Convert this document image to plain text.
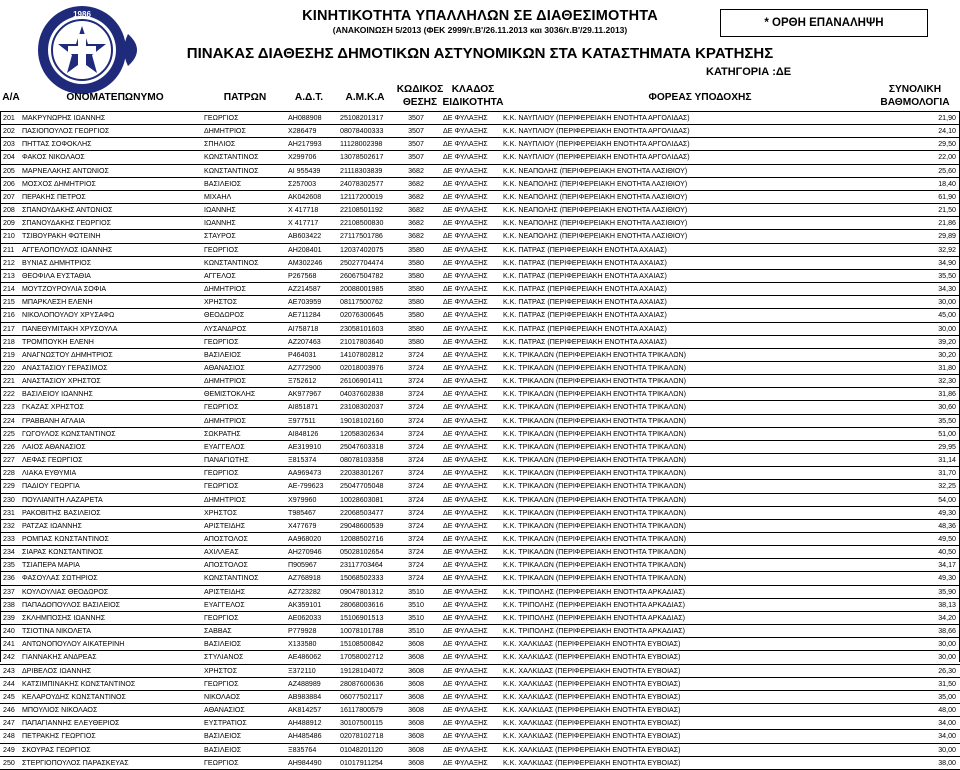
1986	ΚΙΝΗΤΙΚΟΤΗΤΑ ΥΠΑΛΛΗΛΩΝ ΣΕ ΔΙΑΘΕΣΙΜΟΤΗΤΑ
(ΑΝΑΚΟΙΝΩΣΗ 5/2013 (ΦΕΚ 2999/τ.Β'/26.11.2013 και 3036/τ.Β'/29.11.2013)
* ΟΡΘΗ ΕΠΑΝΑΛΗΨΗ
ΠΙΝΑΚΑΣ ΔΙΑΘΕΣΗΣ ΔΗΜΟΤΙΚΩΝ ΑΣΤΥΝΟΜΙΚΩΝ ΣΤΑ ΚΑΤΑΣΤΗΜΑΤΑ ΚΡΑΤΗΣΗΣ
ΚΑΤΗΓΟΡΙΑ :ΔΕ
Α/Α	ΟΝΟΜΑΤΕΠΩΝΥΜΟ	ΠΑΤΡΩΝ	Α.Δ.Τ.	Α.Μ.Κ.Α
ΚΩΔΙΚΟΣ
ΘΕΣΗΣ
ΚΛΑΔΟΣ
ΕΙΔΙΚΟΤΗΤΑ	ΦΟΡΕΑΣ ΥΠΟΔΟΧΗΣ
ΣΥΝΟΛΙΚΗ
ΒΑΘΜΟΛΟΓΙΑ
201	ΜΑΚΡΥΝΩΡΗΣ ΙΩΑΝΝΗΣ	ΓΕΩΡΓΙΟΣ	ΑΗ088908	25108201317	3507	ΔΕ ΦΥΛΑΞΗΣ	Κ.Κ. ΝΑΥΠΛΙΟΥ (ΠΕΡΙΦΕΡΕΙΑΚΗ ΕΝΟΤΗΤΑ ΑΡΓΟΛΙΔΑΣ)	21,90
202	ΠΑΣΙΟΠΟΥΛΟΣ ΓΕΩΡΓΙΟΣ	ΔΗΜΗΤΡΙΟΣ	Χ286479	08078400333	3507	ΔΕ ΦΥΛΑΞΗΣ	Κ.Κ. ΝΑΥΠΛΙΟΥ (ΠΕΡΙΦΕΡΕΙΑΚΗ ΕΝΟΤΗΤΑ ΑΡΓΟΛΙΔΑΣ)	24,10
203	ΠΗΤΤΑΣ ΣΟΦΟΚΛΗΣ	ΣΠΗΛΙΟΣ	ΑΗ217993	11128002398	3507	ΔΕ ΦΥΛΑΞΗΣ	Κ.Κ. ΝΑΥΠΛΙΟΥ (ΠΕΡΙΦΕΡΕΙΑΚΗ ΕΝΟΤΗΤΑ ΑΡΓΟΛΙΔΑΣ)	29,50
204	ΦΑΚΟΣ ΝΙΚΟΛΑΟΣ	ΚΩΝΣΤΑΝΤΙΝΟΣ	Χ299706	13078502617	3507	ΔΕ ΦΥΛΑΞΗΣ	Κ.Κ. ΝΑΥΠΛΙΟΥ (ΠΕΡΙΦΕΡΕΙΑΚΗ ΕΝΟΤΗΤΑ ΑΡΓΟΛΙΔΑΣ)	22,00
205	ΜΑΡΝΕΛΑΚΗΣ ΑΝΤΩΝΙΟΣ	ΚΩΝΣΤΑΝΤΙΝΟΣ	ΑΙ 955439	21118303839	3682	ΔΕ ΦΥΛΑΞΗΣ	Κ.Κ. ΝΕΑΠΟΛΗΣ (ΠΕΡΙΦΕΡΕΙΑΚΗ ΕΝΟΤΗΤΑ ΛΑΣΙΘΙΟΥ)	25,60
206	ΜΟΣΧΟΣ ΔΗΜΗΤΡΙΟΣ	ΒΑΣΙΛΕΙΟΣ	Σ257003	24078302577	3682	ΔΕ ΦΥΛΑΞΗΣ	Κ.Κ. ΝΕΑΠΟΛΗΣ (ΠΕΡΙΦΕΡΕΙΑΚΗ ΕΝΟΤΗΤΑ ΛΑΣΙΘΙΟΥ)	18,40
207	ΠΕΡΑΚΗΣ ΠΕΤΡΟΣ	ΜΙΧΑΗΛ	ΑΚ042608	12117200019	3682	ΔΕ ΦΥΛΑΞΗΣ	Κ.Κ. ΝΕΑΠΟΛΗΣ (ΠΕΡΙΦΕΡΕΙΑΚΗ ΕΝΟΤΗΤΑ ΛΑΣΙΘΙΟΥ)	61,90
208	ΣΠΑΝΟΥΔΑΚΗΣ ΑΝΤΩΝΙΟΣ	ΙΩΑΝΝΗΣ	Χ 417718	22108501192	3682	ΔΕ ΦΥΛΑΞΗΣ	Κ.Κ. ΝΕΑΠΟΛΗΣ (ΠΕΡΙΦΕΡΕΙΑΚΗ ΕΝΟΤΗΤΑ ΛΑΣΙΘΙΟΥ)	21,50
209	ΣΠΑΝΟΥΔΑΚΗΣ ΓΕΩΡΓΙΟΣ	ΙΩΑΝΝΗΣ	Χ 417717	22108500830	3682	ΔΕ ΦΥΛΑΞΗΣ	Κ.Κ. ΝΕΑΠΟΛΗΣ (ΠΕΡΙΦΕΡΕΙΑΚΗ ΕΝΟΤΗΤΑ ΛΑΣΙΘΙΟΥ)	21,86
210	ΤΣΙΒΟΥΡΑΚΗ ΦΩΤΕΙΝΗ	ΣΤΑΥΡΟΣ	ΑΒ603422	27117501786	3682	ΔΕ ΦΥΛΑΞΗΣ	Κ.Κ. ΝΕΑΠΟΛΗΣ (ΠΕΡΙΦΕΡΕΙΑΚΗ ΕΝΟΤΗΤΑ ΛΑΣΙΘΙΟΥ)	29,89
211	ΑΓΓΕΛΟΠΟΥΛΟΣ ΙΩΑΝΝΗΣ	ΓΕΩΡΓΙΟΣ	ΑΗ208401	12037402075	3580	ΔΕ ΦΥΛΑΞΗΣ	Κ.Κ. ΠΑΤΡΑΣ (ΠΕΡΙΦΕΡΕΙΑΚΗ ΕΝΟΤΗΤΑ ΑΧΑΙΑΣ)	32,92
212	ΒΥΝΙΑΣ ΔΗΜΗΤΡΙΟΣ	ΚΩΝΣΤΑΝΤΙΝΟΣ	ΑΜ302246	25027704474	3580	ΔΕ ΦΥΛΑΞΗΣ	Κ.Κ. ΠΑΤΡΑΣ (ΠΕΡΙΦΕΡΕΙΑΚΗ ΕΝΟΤΗΤΑ ΑΧΑΙΑΣ)	34,90
213	ΘΕΟΦΙΛΑ ΕΥΣΤΑΘΙΑ	ΑΓΓΕΛΟΣ	Ρ267568	26067504782	3580	ΔΕ ΦΥΛΑΞΗΣ	Κ.Κ. ΠΑΤΡΑΣ (ΠΕΡΙΦΕΡΕΙΑΚΗ ΕΝΟΤΗΤΑ ΑΧΑΙΑΣ)	35,50
214	ΜΟΥΤΖΟΥΡΟΥΛΙΑ ΣΟΦΙΑ	ΔΗΜΗΤΡΙΟΣ	ΑΖ214587	20088001985	3580	ΔΕ ΦΥΛΑΞΗΣ	Κ.Κ. ΠΑΤΡΑΣ (ΠΕΡΙΦΕΡΕΙΑΚΗ ΕΝΟΤΗΤΑ ΑΧΑΙΑΣ)	34,30
215	ΜΠΑΡΚΛΕΣΗ ΕΛΕΝΗ	ΧΡΗΣΤΟΣ	ΑΕ703959	08117500762	3580	ΔΕ ΦΥΛΑΞΗΣ	Κ.Κ. ΠΑΤΡΑΣ (ΠΕΡΙΦΕΡΕΙΑΚΗ ΕΝΟΤΗΤΑ ΑΧΑΙΑΣ)	30,00
216	ΝΙΚΟΛΟΠΟΥΛΟΥ ΧΡΥΣΑΦΩ	ΘΕΟΔΩΡΟΣ	ΑΕ711284	02076300645	3580	ΔΕ ΦΥΛΑΞΗΣ	Κ.Κ. ΠΑΤΡΑΣ (ΠΕΡΙΦΕΡΕΙΑΚΗ ΕΝΟΤΗΤΑ ΑΧΑΙΑΣ)	45,00
217	ΠΑΝΕΘΥΜΙΤΑΚΗ ΧΡΥΣΟΥΛΑ	ΛΥΣΑΝΔΡΟΣ	ΑΙ758718	23058101603	3580	ΔΕ ΦΥΛΑΞΗΣ	Κ.Κ. ΠΑΤΡΑΣ (ΠΕΡΙΦΕΡΕΙΑΚΗ ΕΝΟΤΗΤΑ ΑΧΑΙΑΣ)	30,00
218	ΤΡΟΜΠΟΥΚΗ ΕΛΕΝΗ	ΓΕΩΡΓΙΟΣ	ΑΖ207463	21017803640	3580	ΔΕ ΦΥΛΑΞΗΣ	Κ.Κ. ΠΑΤΡΑΣ (ΠΕΡΙΦΕΡΕΙΑΚΗ ΕΝΟΤΗΤΑ ΑΧΑΙΑΣ)	39,20
219	ΑΝΑΓΝΩΣΤΟΥ ΔΗΜΗΤΡΙΟΣ	ΒΑΣΙΛΕΙΟΣ	Ρ464031	14107802812	3724	ΔΕ ΦΥΛΑΞΗΣ	Κ.Κ. ΤΡΙΚΑΛΩΝ (ΠΕΡΙΦΕΡΕΙΑΚΗ ΕΝΟΤΗΤΑ ΤΡΙΚΑΛΩΝ)	30,20
220	ΑΝΑΣΤΑΣΙΟΥ ΓΕΡΑΣΙΜΟΣ	ΑΘΑΝΑΣΙΟΣ	ΑΖ772900	02018003976	3724	ΔΕ ΦΥΛΑΞΗΣ	Κ.Κ. ΤΡΙΚΑΛΩΝ (ΠΕΡΙΦΕΡΕΙΑΚΗ ΕΝΟΤΗΤΑ ΤΡΙΚΑΛΩΝ)	31,80
221	ΑΝΑΣΤΑΣΙΟΥ ΧΡΗΣΤΟΣ	ΔΗΜΗΤΡΙΟΣ	Ξ752612	26106901411	3724	ΔΕ ΦΥΛΑΞΗΣ	Κ.Κ. ΤΡΙΚΑΛΩΝ (ΠΕΡΙΦΕΡΕΙΑΚΗ ΕΝΟΤΗΤΑ ΤΡΙΚΑΛΩΝ)	32,30
222	ΒΑΣΙΛΕΙΟΥ ΙΩΑΝΝΗΣ	ΘΕΜΙΣΤΟΚΛΗΣ	ΑΚ977967	04037602838	3724	ΔΕ ΦΥΛΑΞΗΣ	Κ.Κ. ΤΡΙΚΑΛΩΝ (ΠΕΡΙΦΕΡΕΙΑΚΗ ΕΝΟΤΗΤΑ ΤΡΙΚΑΛΩΝ)	31,86
223	ΓΚΑΖΑΣ ΧΡΗΣΤΟΣ	ΓΕΩΡΓΙΟΣ	ΑΙ851871	23108302037	3724	ΔΕ ΦΥΛΑΞΗΣ	Κ.Κ. ΤΡΙΚΑΛΩΝ (ΠΕΡΙΦΕΡΕΙΑΚΗ ΕΝΟΤΗΤΑ ΤΡΙΚΑΛΩΝ)	30,60
224	ΓΡΑΒΒΑΝΗ ΑΓΛΑΙΑ	ΔΗΜΗΤΡΙΟΣ	Ξ977511	19018102160	3724	ΔΕ ΦΥΛΑΞΗΣ	Κ.Κ. ΤΡΙΚΑΛΩΝ (ΠΕΡΙΦΕΡΕΙΑΚΗ ΕΝΟΤΗΤΑ ΤΡΙΚΑΛΩΝ)	35,50
225	ΓΩΓΟΥΛΟΣ ΚΩΝΣΤΑΝΤΙΝΟΣ	ΣΩΚΡΑΤΗΣ	ΑΙ848126	12058302634	3724	ΔΕ ΦΥΛΑΞΗΣ	Κ.Κ. ΤΡΙΚΑΛΩΝ (ΠΕΡΙΦΕΡΕΙΑΚΗ ΕΝΟΤΗΤΑ ΤΡΙΚΑΛΩΝ)	51,00
226	ΛΑΙΟΣ ΑΘΑΝΑΣΙΟΣ	ΕΥΑΓΓΕΛΟΣ	ΑΕ319910	25047603318	3724	ΔΕ ΦΥΛΑΞΗΣ	Κ.Κ. ΤΡΙΚΑΛΩΝ (ΠΕΡΙΦΕΡΕΙΑΚΗ ΕΝΟΤΗΤΑ ΤΡΙΚΑΛΩΝ)	29,95
227	ΛΕΦΑΣ ΓΕΩΡΓΙΟΣ	ΠΑΝΑΓΙΩΤΗΣ	Ξ815374	08078103358	3724	ΔΕ ΦΥΛΑΞΗΣ	Κ.Κ. ΤΡΙΚΑΛΩΝ (ΠΕΡΙΦΕΡΕΙΑΚΗ ΕΝΟΤΗΤΑ ΤΡΙΚΑΛΩΝ)	31,14
228	ΛΙΑΚΑ ΕΥΘΥΜΙΑ	ΓΕΩΡΓΙΟΣ	ΑΑ969473	22038301267	3724	ΔΕ ΦΥΛΑΞΗΣ	Κ.Κ. ΤΡΙΚΑΛΩΝ (ΠΕΡΙΦΕΡΕΙΑΚΗ ΕΝΟΤΗΤΑ ΤΡΙΚΑΛΩΝ)	31,70
229	ΠΑΔΙΟΥ ΓΕΩΡΓΙΑ	ΓΕΩΡΓΙΟΣ	ΑΕ-799623	25047705048	3724	ΔΕ ΦΥΛΑΞΗΣ	Κ.Κ. ΤΡΙΚΑΛΩΝ (ΠΕΡΙΦΕΡΕΙΑΚΗ ΕΝΟΤΗΤΑ ΤΡΙΚΑΛΩΝ)	32,25
230	ΠΟΥΛΙΑΝΙΤΗ ΛΑΖΑΡΕΤΑ	ΔΗΜΗΤΡΙΟΣ	Χ979960	10028603081	3724	ΔΕ ΦΥΛΑΞΗΣ	Κ.Κ. ΤΡΙΚΑΛΩΝ (ΠΕΡΙΦΕΡΕΙΑΚΗ ΕΝΟΤΗΤΑ ΤΡΙΚΑΛΩΝ)	54,00
231	ΡΑΚΟΒΙΤΗΣ ΒΑΣΙΛΕΙΟΣ	ΧΡΗΣΤΟΣ	Τ985467	22068503477	3724	ΔΕ ΦΥΛΑΞΗΣ	Κ.Κ. ΤΡΙΚΑΛΩΝ (ΠΕΡΙΦΕΡΕΙΑΚΗ ΕΝΟΤΗΤΑ ΤΡΙΚΑΛΩΝ)	49,30
232	ΡΑΤΖΑΣ ΙΩΑΝΝΗΣ	ΑΡΙΣΤΕΙΔΗΣ	Χ477679	29048600539	3724	ΔΕ ΦΥΛΑΞΗΣ	Κ.Κ. ΤΡΙΚΑΛΩΝ (ΠΕΡΙΦΕΡΕΙΑΚΗ ΕΝΟΤΗΤΑ ΤΡΙΚΑΛΩΝ)	48,36
233	ΡΟΜΠΑΣ ΚΩΝΣΤΑΝΤΙΝΟΣ	ΑΠΟΣΤΟΛΟΣ	ΑΑ968020	12088502716	3724	ΔΕ ΦΥΛΑΞΗΣ	Κ.Κ. ΤΡΙΚΑΛΩΝ (ΠΕΡΙΦΕΡΕΙΑΚΗ ΕΝΟΤΗΤΑ ΤΡΙΚΑΛΩΝ)	49,50
234	ΣΙΑΡΑΣ ΚΩΝΣΤΑΝΤΙΝΟΣ	ΑΧΙΛΛΕΑΣ	ΑΗ270946	05028102654	3724	ΔΕ ΦΥΛΑΞΗΣ	Κ.Κ. ΤΡΙΚΑΛΩΝ (ΠΕΡΙΦΕΡΕΙΑΚΗ ΕΝΟΤΗΤΑ ΤΡΙΚΑΛΩΝ)	40,50
235	ΤΣΙΑΠΕΡΑ ΜΑΡΙΑ	ΑΠΟΣΤΟΛΟΣ	Π905967	23117703464	3724	ΔΕ ΦΥΛΑΞΗΣ	Κ.Κ. ΤΡΙΚΑΛΩΝ (ΠΕΡΙΦΕΡΕΙΑΚΗ ΕΝΟΤΗΤΑ ΤΡΙΚΑΛΩΝ)	34,17
236	ΦΑΣΟΥΛΑΣ ΣΩΤΗΡΙΟΣ	ΚΩΝΣΤΑΝΤΙΝΟΣ	ΑΖ768918	15068502333	3724	ΔΕ ΦΥΛΑΞΗΣ	Κ.Κ. ΤΡΙΚΑΛΩΝ (ΠΕΡΙΦΕΡΕΙΑΚΗ ΕΝΟΤΗΤΑ ΤΡΙΚΑΛΩΝ)	49,30
237	ΚΟΥΛΟΥΛΙΑΣ ΘΕΟΔΩΡΟΣ	ΑΡΙΣΤΕΙΔΗΣ	ΑΖ723282	09047801312	3510	ΔΕ ΦΥΛΑΞΗΣ	Κ.Κ. ΤΡΙΠΟΛΗΣ (ΠΕΡΙΦΕΡΕΙΑΚΗ ΕΝΟΤΗΤΑ ΑΡΚΑΔΙΑΣ)	35,90
238	ΠΑΠΑΔΟΠΟΥΛΟΣ ΒΑΣΙΛΕΙΟΣ	ΕΥΑΓΓΕΛΟΣ	ΑΚ359101	28068003616	3510	ΔΕ ΦΥΛΑΞΗΣ	Κ.Κ. ΤΡΙΠΟΛΗΣ (ΠΕΡΙΦΕΡΕΙΑΚΗ ΕΝΟΤΗΤΑ ΑΡΚΑΔΙΑΣ)	38,13
239	ΣΚΛΗΜΠΟΣΗΣ ΙΩΑΝΝΗΣ	ΓΕΩΡΓΙΟΣ	ΑΕ062033	15106901513	3510	ΔΕ ΦΥΛΑΞΗΣ	Κ.Κ. ΤΡΙΠΟΛΗΣ (ΠΕΡΙΦΕΡΕΙΑΚΗ ΕΝΟΤΗΤΑ ΑΡΚΑΔΙΑΣ)	34,20
240	ΤΣΙΟΤΙΝΑ ΝΙΚΟΛΕΤΑ	ΣΑΒΒΑΣ	Ρ779928	10078101788	3510	ΔΕ ΦΥΛΑΞΗΣ	Κ.Κ. ΤΡΙΠΟΛΗΣ (ΠΕΡΙΦΕΡΕΙΑΚΗ ΕΝΟΤΗΤΑ ΑΡΚΑΔΙΑΣ)	38,66
241	ΑΝΤΩΝΟΠΟΥΛΟΥ ΑΙΚΑΤΕΡΙΝΗ	ΒΑΣΙΛΕΙΟΣ	Χ133580	15108500842	3608	ΔΕ ΦΥΛΑΞΗΣ	Κ.Κ. ΧΑΛΚΙΔΑΣ (ΠΕΡΙΦΕΡΕΙΑΚΗ ΕΝΟΤΗΤΑ ΕΥΒΟΙΑΣ)	30,00
242	ΓΙΑΝΝΑΚΗΣ ΑΝΔΡΕΑΣ	ΣΤΥΛΙΑΝΟΣ	ΑΕ486062	17058002712	3608	ΔΕ ΦΥΛΑΞΗΣ	Κ.Κ. ΧΑΛΚΙΔΑΣ (ΠΕΡΙΦΕΡΕΙΑΚΗ ΕΝΟΤΗΤΑ ΕΥΒΟΙΑΣ)	30,00
243	ΔΡΙΒΕΛΟΣ ΙΩΑΝΝΗΣ	ΧΡΗΣΤΟΣ	Ξ372110	19128104072	3608	ΔΕ ΦΥΛΑΞΗΣ	Κ.Κ. ΧΑΛΚΙΔΑΣ (ΠΕΡΙΦΕΡΕΙΑΚΗ ΕΝΟΤΗΤΑ ΕΥΒΟΙΑΣ)	26,30
244	ΚΑΤΣΙΜΠΙΝΑΚΗΣ ΚΩΝΣΤΑΝΤΙΝΟΣ	ΓΕΩΡΓΙΟΣ	ΑΖ488989	28087600636	3608	ΔΕ ΦΥΛΑΞΗΣ	Κ.Κ. ΧΑΛΚΙΔΑΣ (ΠΕΡΙΦΕΡΕΙΑΚΗ ΕΝΟΤΗΤΑ ΕΥΒΟΙΑΣ)	31,50
245	ΚΕΛΑΡΟΥΔΗΣ ΚΩΝΣΤΑΝΤΙΝΟΣ	ΝΙΚΟΛΑΟΣ	ΑΒ983884	06077502117	3608	ΔΕ ΦΥΛΑΞΗΣ	Κ.Κ. ΧΑΛΚΙΔΑΣ (ΠΕΡΙΦΕΡΕΙΑΚΗ ΕΝΟΤΗΤΑ ΕΥΒΟΙΑΣ)	35,00
246	ΜΠΟΥΛΙΟΣ ΝΙΚΟΛΑΟΣ	ΑΘΑΝΑΣΙΟΣ	ΑΚ814257	16117800579	3608	ΔΕ ΦΥΛΑΞΗΣ	Κ.Κ. ΧΑΛΚΙΔΑΣ (ΠΕΡΙΦΕΡΕΙΑΚΗ ΕΝΟΤΗΤΑ ΕΥΒΟΙΑΣ)	48,00
247	ΠΑΠΑΓΙΑΝΝΗΣ ΕΛΕΥΘΕΡΙΟΣ	ΕΥΣΤΡΑΤΙΟΣ	ΑΗ488912	30107500115	3608	ΔΕ ΦΥΛΑΞΗΣ	Κ.Κ. ΧΑΛΚΙΔΑΣ (ΠΕΡΙΦΕΡΕΙΑΚΗ ΕΝΟΤΗΤΑ ΕΥΒΟΙΑΣ)	34,00
248	ΠΕΤΡΑΚΗΣ ΓΕΩΡΓΙΟΣ	ΒΑΣΙΛΕΙΟΣ	ΑΗ485486	02078102718	3608	ΔΕ ΦΥΛΑΞΗΣ	Κ.Κ. ΧΑΛΚΙΔΑΣ (ΠΕΡΙΦΕΡΕΙΑΚΗ ΕΝΟΤΗΤΑ ΕΥΒΟΙΑΣ)	34,00
249	ΣΚΟΥΡΑΣ ΓΕΩΡΓΙΟΣ	ΒΑΣΙΛΕΙΟΣ	Ξ835764	01048201120	3608	ΔΕ ΦΥΛΑΞΗΣ	Κ.Κ. ΧΑΛΚΙΔΑΣ (ΠΕΡΙΦΕΡΕΙΑΚΗ ΕΝΟΤΗΤΑ ΕΥΒΟΙΑΣ)	30,00
250	ΣΤΕΡΓΙΟΠΟΥΛΟΣ ΠΑΡΑΣΚΕΥΑΣ	ΓΕΩΡΓΙΟΣ	ΑΗ984490	01017911254	3608	ΔΕ ΦΥΛΑΞΗΣ	Κ.Κ. ΧΑΛΚΙΔΑΣ (ΠΕΡΙΦΕΡΕΙΑΚΗ ΕΝΟΤΗΤΑ ΕΥΒΟΙΑΣ)	38,00
